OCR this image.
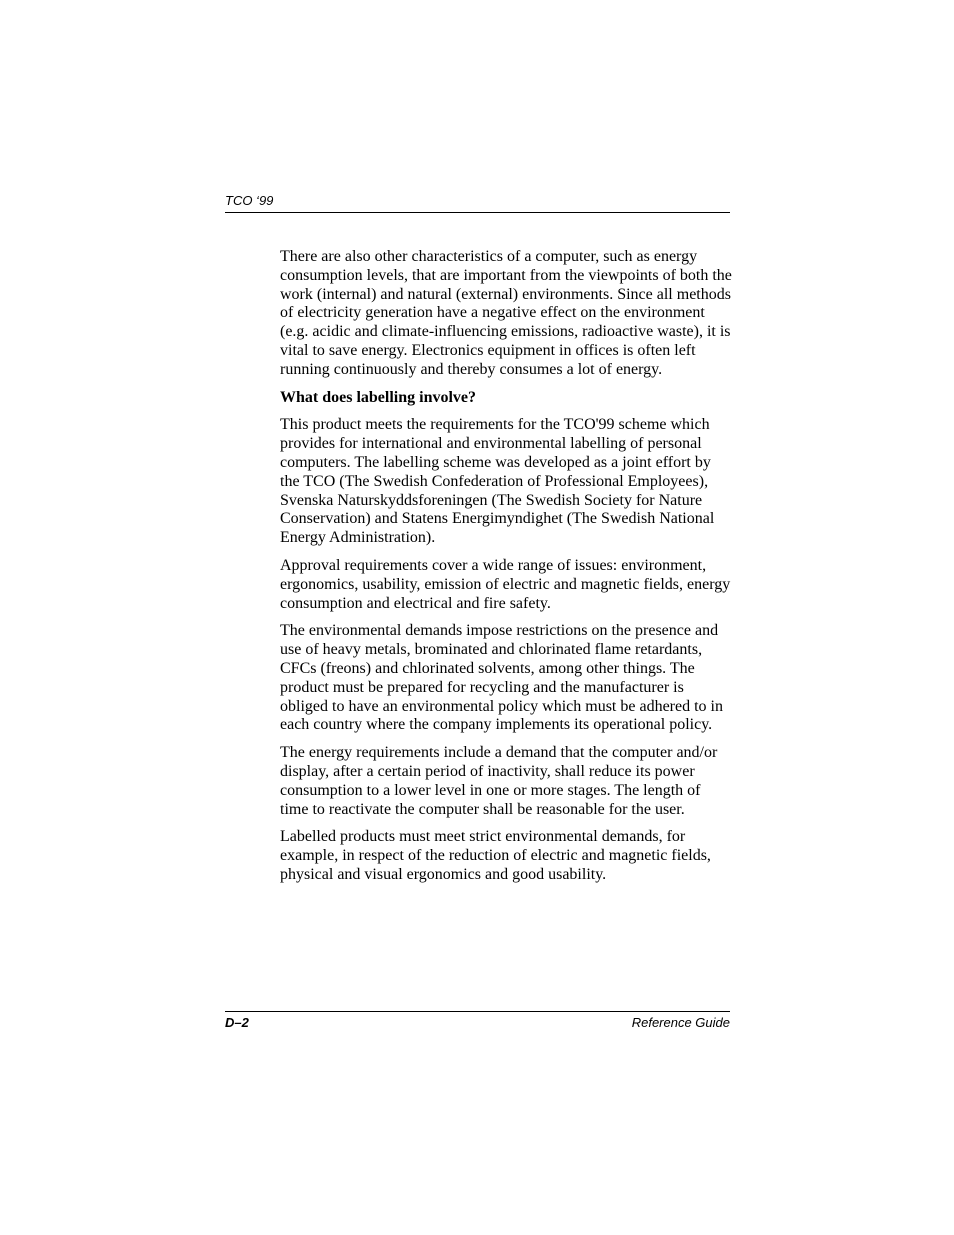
TCO ‘99

There are also other characteristics of a computer, such as energy consumption levels, that are important from the viewpoints of both the work (internal) and natural (external) environments. Since all methods of electricity generation have a negative effect on the environment (e.g. acidic and climate-influencing emissions, radioactive waste), it is vital to save energy. Electronics equipment in offices is often left running continuously and thereby consumes a lot of energy.

What does labelling involve?

This product meets the requirements for the TCO'99 scheme which provides for international and environmental labelling of personal computers. The labelling scheme was developed as a joint effort by the TCO (The Swedish Confederation of Professional Employees), Svenska Naturskyddsforeningen (The Swedish Society for Nature Conservation) and Statens Energimyndighet (The Swedish National Energy Administration).

Approval requirements cover a wide range of issues: environment, ergonomics, usability, emission of electric and magnetic fields, energy consumption and electrical and fire safety.

The environmental demands impose restrictions on the presence and use of heavy metals, brominated and chlorinated flame retardants, CFCs (freons) and chlorinated solvents, among other things. The product must be prepared for recycling and the manufacturer is obliged to have an environmental policy which must be adhered to in each country where the company implements its operational policy.

The energy requirements include a demand that the computer and/or display, after a certain period of inactivity, shall reduce its power consumption to a lower level in one or more stages. The length of time to reactivate the computer shall be reasonable for the user.

Labelled products must meet strict environmental demands, for example, in respect of the reduction of electric and magnetic fields, physical and visual ergonomics and good usability.

D–2	Reference Guide
